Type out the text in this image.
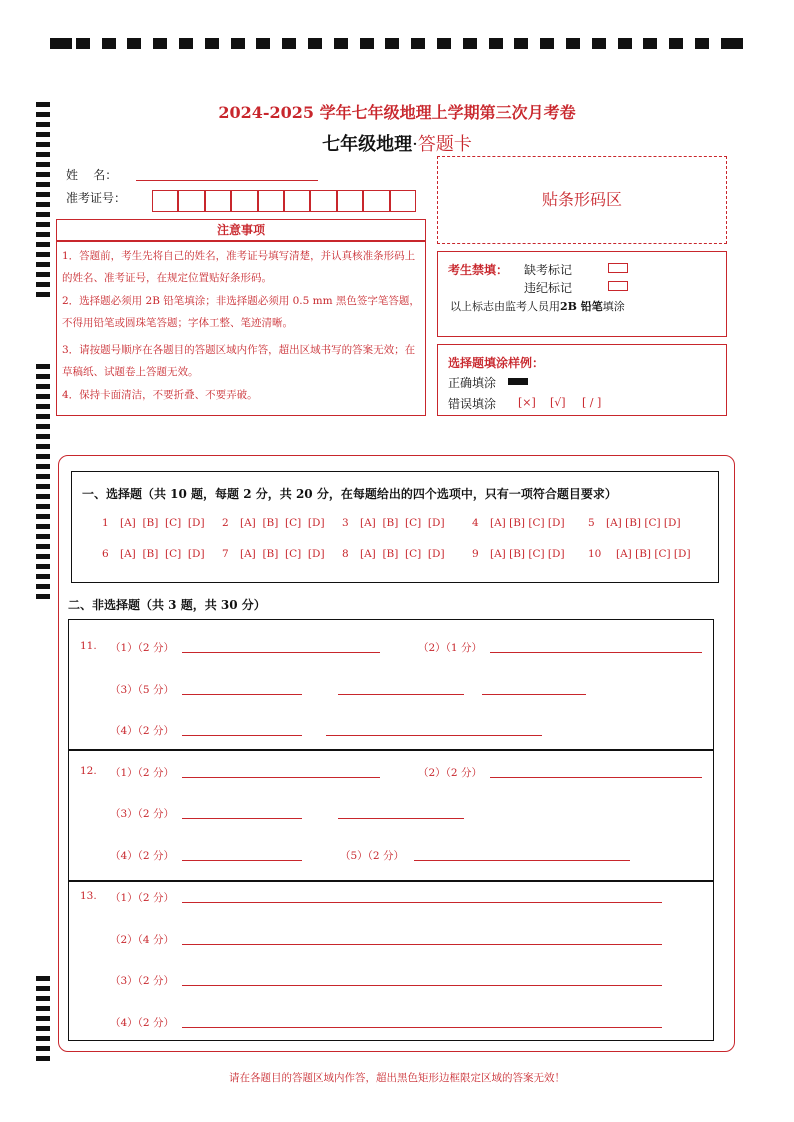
2024-2025 学年七年级地理上学期第三次月考卷
七年级地理·答题卡
姓    名：
准考证号：	贴条形码区
注意事项
1．答题前，考生先将自己的姓名，准考证号填写清楚，并认真核准条形码上的姓名、准考证号，在规定位置贴好条形码。
2．选择题必须用 2B 铅笔填涂；非选择题必须用 0.5 mm 黑色签字笔答题，不得用铅笔或圆珠笔答题；字体工整、笔迹清晰。
3．请按题号顺序在各题目的答题区域内作答，超出区域书写的答案无效；在草稿纸、试题卷上答题无效。
4．保持卡面清洁，不要折叠、不要弄破。
考生禁填： 缺考标记
违纪标记
以上标志由监考人员用2B 铅笔填涂
选择题填涂样例：
正确填涂
错误填涂 [×] [√] [ / ]
一、选择题（共 10 题，每题 2 分，共 20 分，在每题给出的四个选项中，只有一项符合题目要求）
1 [A]  [B]  [C]  [D] 2 [A]  [B]  [C]  [D] 3 [A]  [B]  [C]  [D]	4 [A] [B] [C] [D] 5 [A] [B] [C] [D]
6 [A]  [B]  [C]  [D] 7 [A]  [B]  [C]  [D] 8 [A]  [B]  [C]  [D]	9 [A] [B] [C] [D] 10 [A] [B] [C] [D]
二、非选择题（共 3 题，共 30 分）
11. （1）（2 分）	（2）（1 分）
（3）（5 分）
（4）（2 分）
12. （1）（2 分）	（2）（2 分）
（3）（2 分）
（4）（2 分）	（5）（2 分）
13. （1）（2 分）
（2）（4 分）
（3）（2 分）
（4）（2 分）
请在各题目的答题区域内作答，超出黑色矩形边框限定区域的答案无效！
